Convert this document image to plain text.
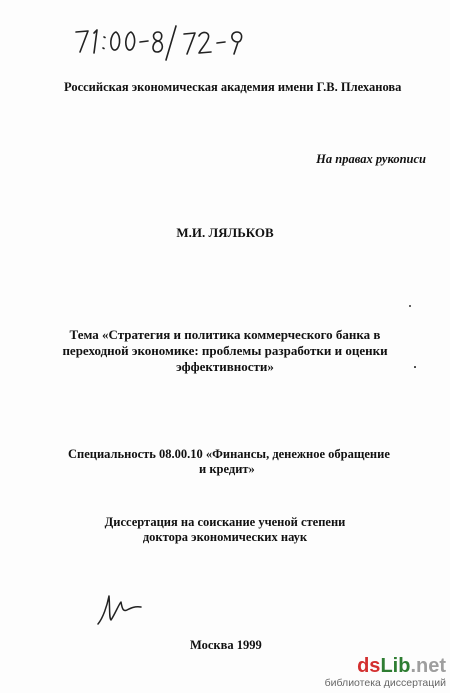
Российская экономическая академия имени Г.В. Плеханова
На правах рукописи
М.И. ЛЯЛЬКОВ
Тема «Стратегия и политика коммерческого банка в
переходной экономике: проблемы разработки и оценки
эффективности»
Специальность 08.00.10 «Финансы, денежное обращение
и кредит»
Диссертация на соискание ученой степени
доктора экономических наук
Москва 1999
dsLib.net
библиотека диссертаций
